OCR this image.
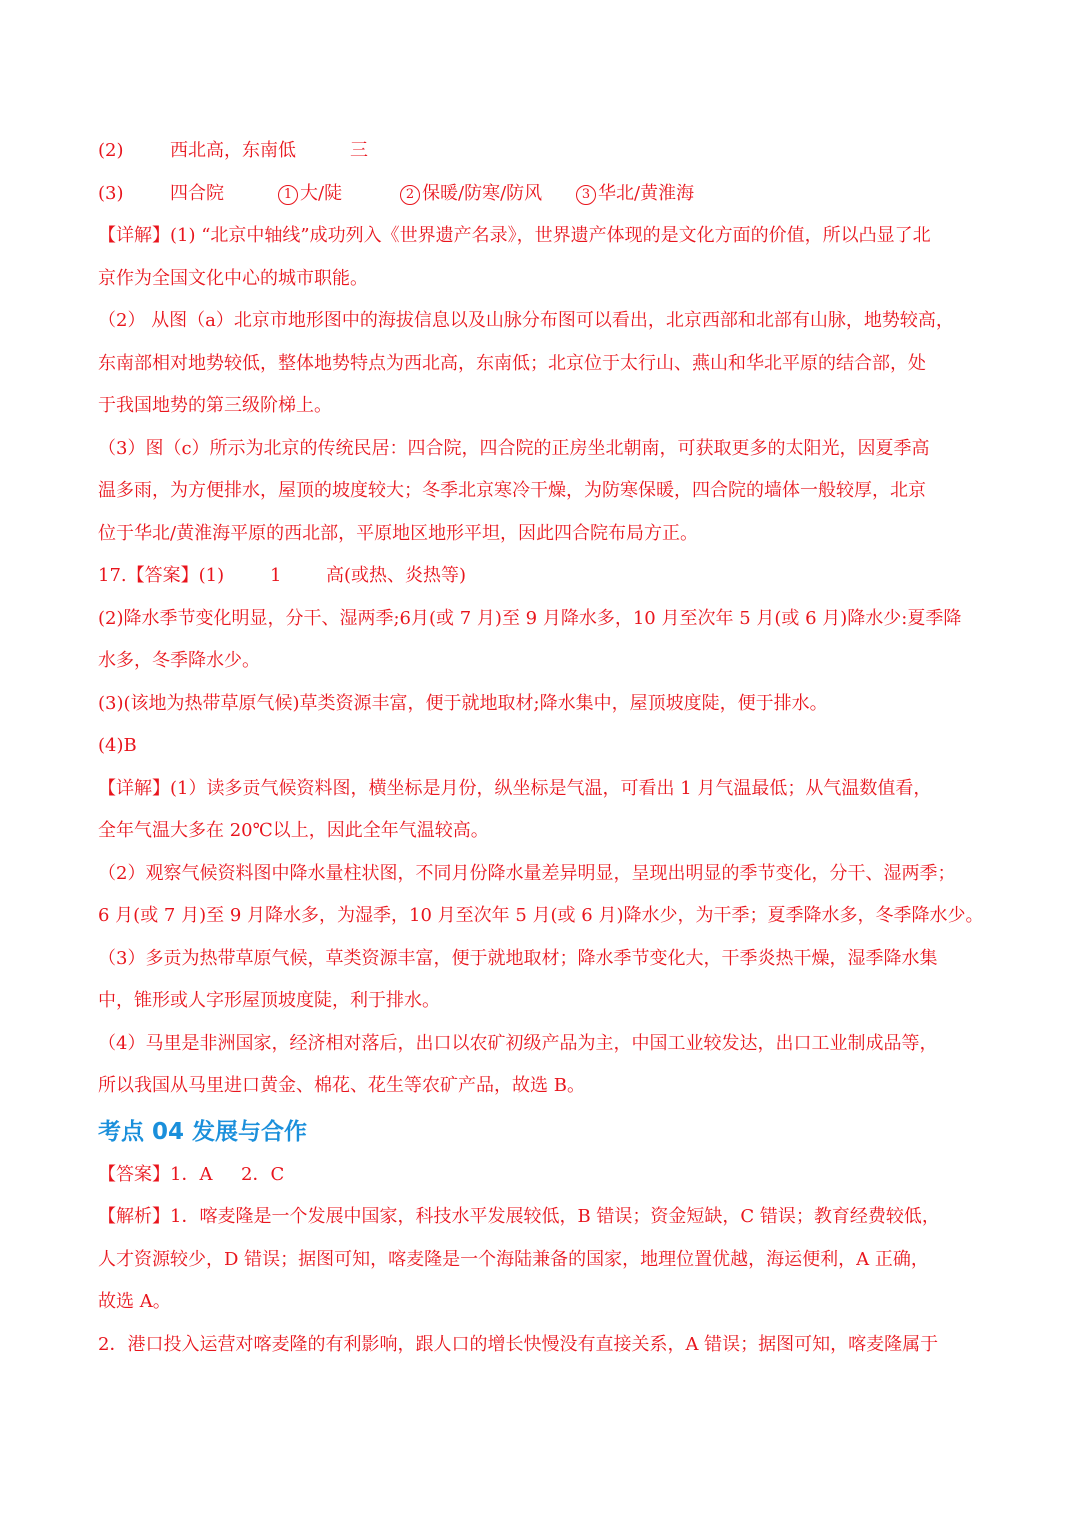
(2)	西北高，东南低	三
(3)	四合院	1 大/陡	2 保暖/防寒/防风	3 华北/黄淮海
【详解】(1) “北京中轴线”成功列入《世界遗产名录》，世界遗产体现的是文化方面的价值，所以凸显了北
京作为全国文化中心的城市职能。
（2） 从图（a）北京市地形图中的海拔信息以及山脉分布图可以看出，北京西部和北部有山脉，地势较高，
东南部相对地势较低，整体地势特点为西北高，东南低；北京位于太行山、燕山和华北平原的结合部，处
于我国地势的第三级阶梯上。
（3）图（c）所示为北京的传统民居：四合院，四合院的正房坐北朝南，可获取更多的太阳光，因夏季高
温多雨，为方便排水，屋顶的坡度较大；冬季北京寒冷干燥，为防寒保暖，四合院的墙体一般较厚，北京
位于华北/黄淮海平原的西北部，平原地区地形平坦，因此四合院布局方正。
17.【答案】(1)	1 高(或热、炎热等)
(2)降水季节变化明显，分干、湿两季;6月(或 7 月)至 9 月降水多，10 月至次年 5 月(或 6 月)降水少:夏季降
水多，冬季降水少。
(3)(该地为热带草原气候)草类资源丰富，便于就地取材;降水集中，屋顶坡度陡，便于排水。
(4)B
【详解】(1）读多贡气候资料图，横坐标是月份，纵坐标是气温，可看出 1 月气温最低；从气温数值看，
全年气温大多在 20℃以上，因此全年气温较高。
（2）观察气候资料图中降水量柱状图，不同月份降水量差异明显，呈现出明显的季节变化，分干、湿两季；
6 月(或 7 月)至 9 月降水多，为湿季，10 月至次年 5 月(或 6 月)降水少，为干季；夏季降水多，冬季降水少。
（3）多贡为热带草原气候，草类资源丰富，便于就地取材；降水季节变化大，干季炎热干燥，湿季降水集
中，锥形或人字形屋顶坡度陡，利于排水。
（4）马里是非洲国家，经济相对落后，出口以农矿初级产品为主，中国工业较发达，出口工业制成品等，
所以我国从马里进口黄金、棉花、花生等农矿产品，故选 B。
考点 04 发展与合作
【答案】1．A     2．C
【解析】1．喀麦隆是一个发展中国家，科技水平发展较低，B 错误；资金短缺，C 错误；教育经费较低，
人才资源较少，D 错误；据图可知，喀麦隆是一个海陆兼备的国家，地理位置优越，海运便利，A 正确，
故选 A。
2．港口投入运营对喀麦隆的有利影响，跟人口的增长快慢没有直接关系，A 错误；据图可知，喀麦隆属于
